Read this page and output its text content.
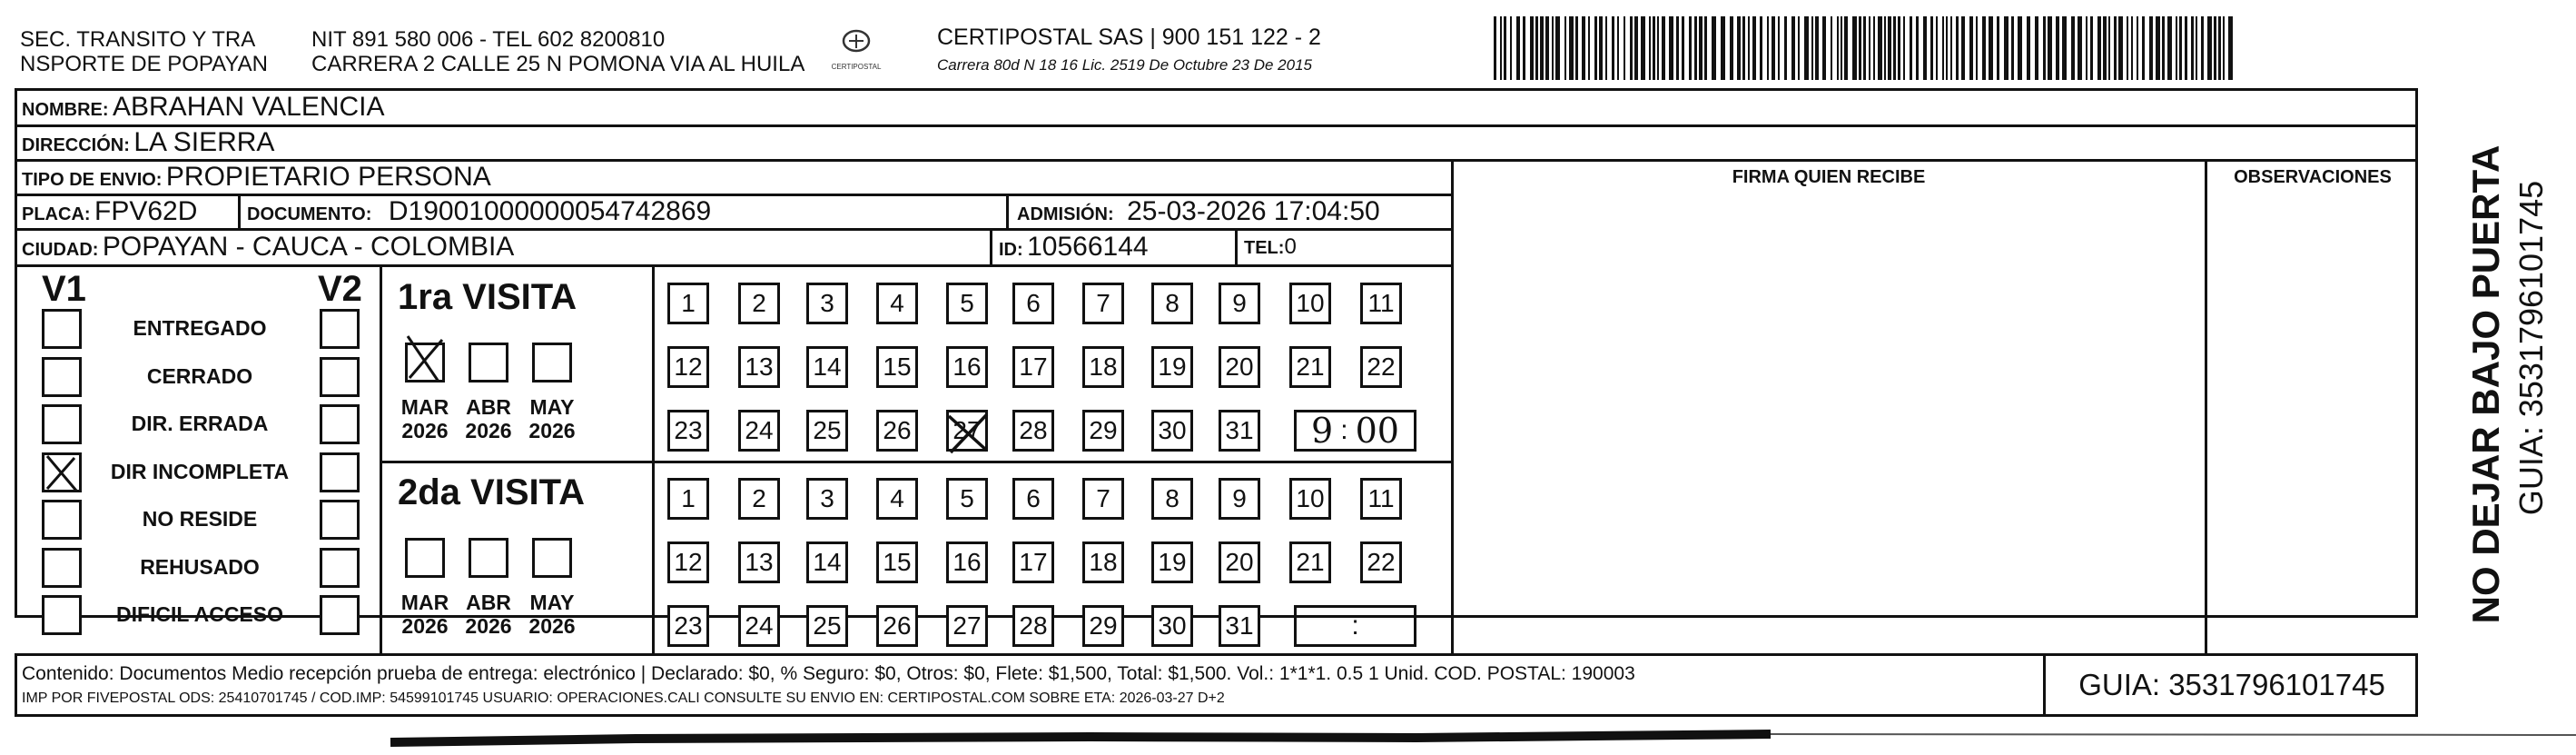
SEC. TRANSITO Y TRA
NSPORTE DE POPAYAN
NIT 891 580 006 - TEL 602 8200810
CARRERA 2 CALLE 25 N POMONA VIA AL HUILA	CERTIPOSTAL
CERTIPOSTAL SAS | 900 151 122 - 2
Carrera 80d N 18 16 Lic. 2519 De Octubre 23 De 2015
NOMBRE: ABRAHAN VALENCIA
DIRECCIÓN: LA SIERRA
TIPO DE ENVIO: PROPIETARIO PERSONA	FIRMA QUIEN RECIBE	OBSERVACIONES
PLACA: FPV62D	DOCUMENTO: D19001000000054742869	ADMISIÓN: 25-03-2026 17:04:50
CIUDAD: POPAYAN - CAUCA - COLOMBIA	ID: 10566144	TEL:0
V1	V2
ENTREGADO
CERRADO
DIR. ERRADA
DIR INCOMPLETA
NO RESIDE
REHUSADO
DIFICIL ACCESO
1ra VISITA
2da VISITA
MAR
2026
ABR
2026
MAY
2026
1	2	3	4	5	6	7	8	9	10	11
12 13 14 15 16 17 18 19 20 21 22
23 24 25 26 27 28 29 30 31 9 : 00
MAR
2026
ABR
2026
MAY
2026
1	2	3	4	5	6	7	8	9	10	11
12 13 14 15 16 17 18 19 20 21 22
23 24 25 26 27 28 29 30 31	:
Contenido: Documentos Medio recepción prueba de entrega: electrónico | Declarado: $0, % Seguro: $0, Otros: $0, Flete: $1,500, Total: $1,500. Vol.: 1*1*1. 0.5 1 Unid. COD. POSTAL: 190003
IMP POR FIVEPOSTAL ODS: 25410701745 / COD.IMP: 54599101745 USUARIO: OPERACIONES.CALI CONSULTE SU ENVIO EN: CERTIPOSTAL.COM SOBRE ETA: 2026-03-27 D+2	GUIA: 3531796101745
NO DEJAR BAJO PUERTA GUIA: 3531796101745
